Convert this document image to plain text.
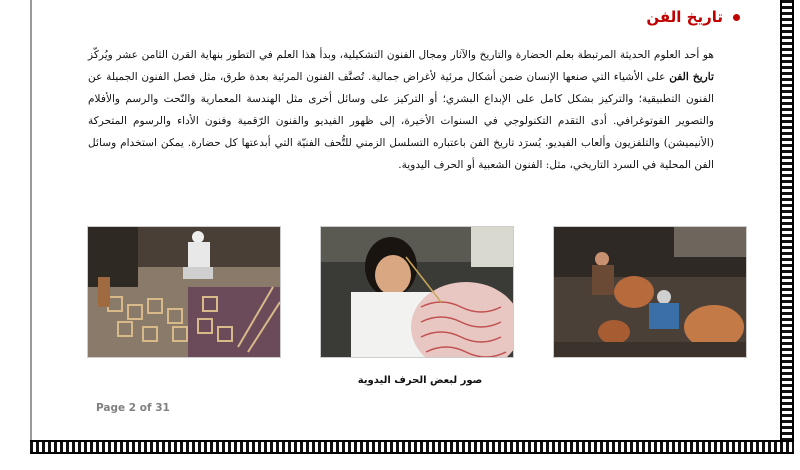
تاريخ الفن
هو أحد العلوم الحديثة المرتبطة بعلم الحضارة والتاريخ والآثار ومجال الفنون التشكيلية، وبدأ هذا العلم في التطور بنهاية القرن الثامن عشر ويُركّز تاريخ الفن على الأشياء التي صنعها الإنسان ضمن أشكال مرئية لأغراض جمالية. تُصنَّف الفنون المرئية بعدة طرق، مثل فصل الفنون الجميلة عن الفنون التطبيقية؛ والتركيز بشكل كامل على الإبداع البشري؛ أو التركيز على وسائل أخرى مثل الهندسة المعمارية والنّحت والرسم والأفلام والتصوير الفوتوغرافي. أدى التقدم التكنولوجي في السنوات الأخيرة، إلى ظهور الفيديو والفنون الرّقمية وفنون الأداء والرسوم المتحركة (الأنيميشن) والتلفزيون وألعاب الفيديو. يُسرَد تاريخ الفن باعتباره التسلسل الزمني للتُّحف الفنيّة التي أبدعتها كل حضارة. يمكن استخدام وسائل الفن المحلية في السرد التاريخي، مثل: الفنون الشعبية أو الحرف اليدوية.
صور لبعض الحرف اليدوية
Page 2 of 31
